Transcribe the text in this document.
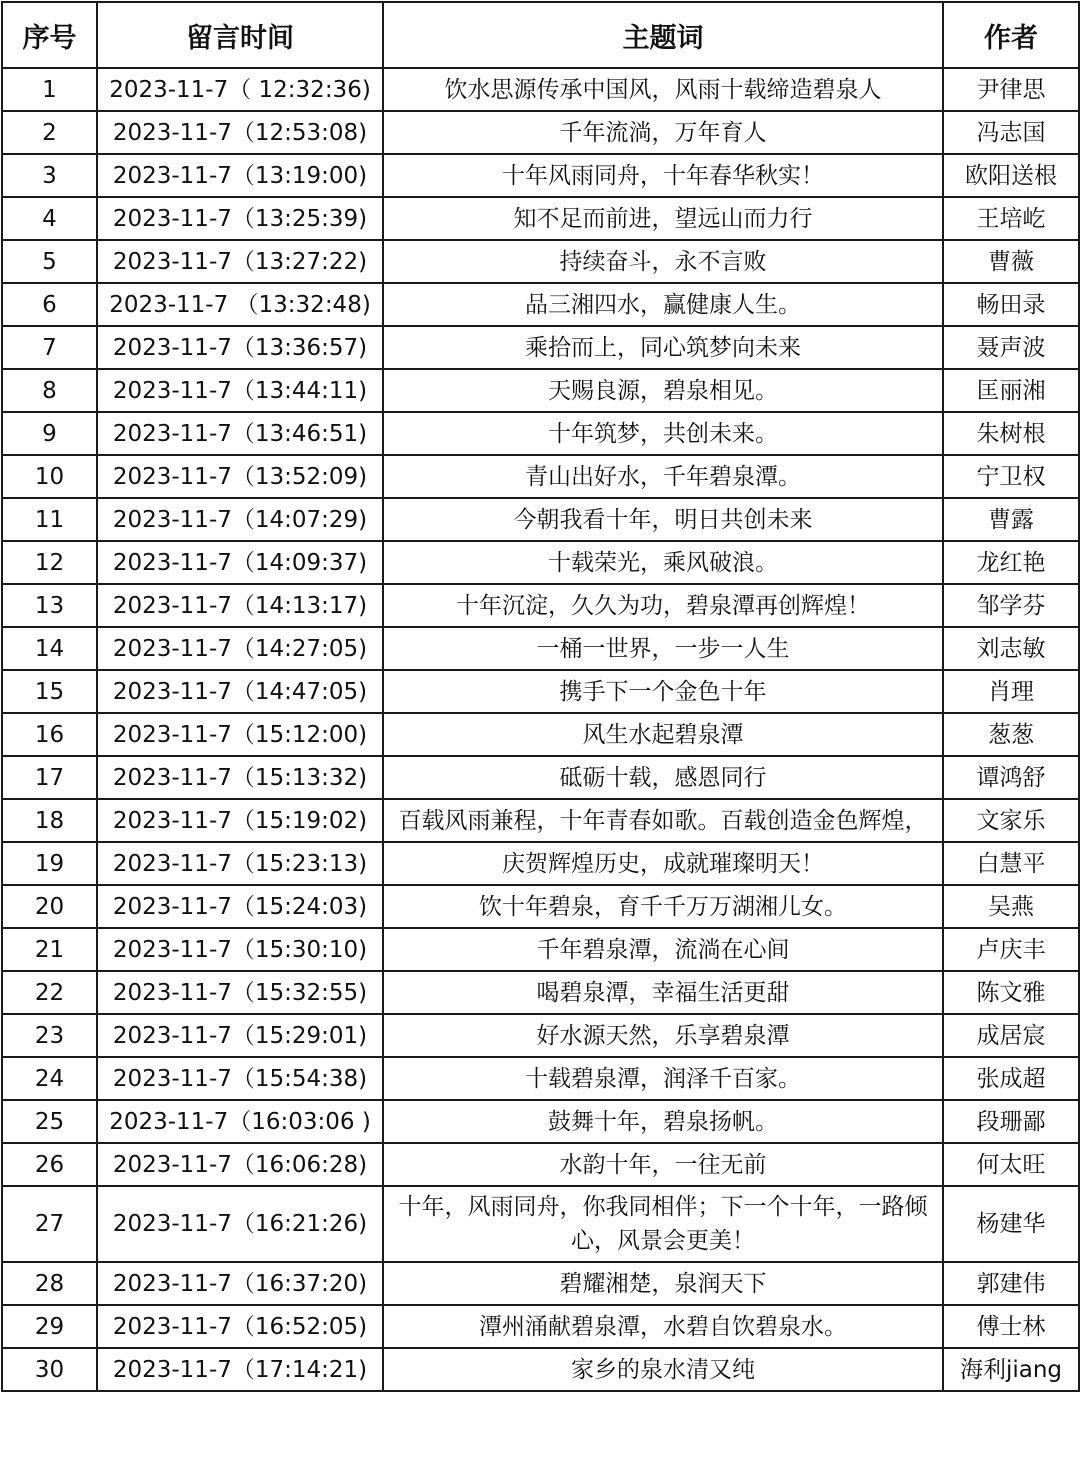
序号	留言时间	主题词	作者
1	2023-11-7（ 12:32:36)	饮水思源传承中国风，风雨十载缔造碧泉人	尹律思
2	2023-11-7（12:53:08)	千年流淌，万年育人	冯志国
3	2023-11-7（13:19:00)	十年风雨同舟，十年春华秋实！	欧阳送根
4	2023-11-7（13:25:39)	知不足而前进，望远山而力行	王培屹
5	2023-11-7（13:27:22)	持续奋斗，永不言败	曹薇
6	2023-11-7 （13:32:48)	品三湘四水，赢健康人生。	畅田录
7	2023-11-7（13:36:57)	乘拾而上，同心筑梦向未来	聂声波
8	2023-11-7（13:44:11)	天赐良源，碧泉相见。	匡丽湘
9	2023-11-7（13:46:51)	十年筑梦，共创未来。	朱树根
10	2023-11-7（13:52:09)	青山出好水，千年碧泉潭。	宁卫权
11	2023-11-7（14:07:29)	今朝我看十年，明日共创未来	曹露
12	2023-11-7（14:09:37)	十载荣光，乘风破浪。	龙红艳
13	2023-11-7（14:13:17)	十年沉淀，久久为功，碧泉潭再创辉煌！	邹学芬
14	2023-11-7（14:27:05)	一桶一世界，一步一人生	刘志敏
15	2023-11-7（14:47:05)	携手下一个金色十年	肖理
16	2023-11-7（15:12:00)	风生水起碧泉潭	葱葱
17	2023-11-7（15:13:32)	砥砺十载，感恩同行	谭鸿舒
18	2023-11-7（15:19:02)	百载风雨兼程，十年青春如歌。百载创造金色辉煌，	文家乐
19	2023-11-7（15:23:13)	庆贺辉煌历史，成就璀璨明天！	白慧平
20	2023-11-7（15:24:03)	饮十年碧泉，育千千万万湖湘儿女。	吴燕
21	2023-11-7（15:30:10)	千年碧泉潭，流淌在心间	卢庆丰
22	2023-11-7（15:32:55)	喝碧泉潭，幸福生活更甜	陈文雅
23	2023-11-7（15:29:01)	好水源天然，乐享碧泉潭	成居宸
24	2023-11-7（15:54:38)	十载碧泉潭，润泽千百家。	张成超
25	2023-11-7（16:03:06 )	鼓舞十年，碧泉扬帆。	段珊鄙
26	2023-11-7（16:06:28)	水韵十年，一往无前	何太旺
27	2023-11-7（16:21:26)	十年，风雨同舟，你我同相伴；下一个十年，一路倾心，风景会更美！	杨建华
28	2023-11-7（16:37:20)	碧耀湘楚，泉润天下	郭建伟
29	2023-11-7（16:52:05)	潭州涌献碧泉潭，水碧自饮碧泉水。	傅士林
30	2023-11-7（17:14:21)	家乡的泉水清又纯	海利jiang
